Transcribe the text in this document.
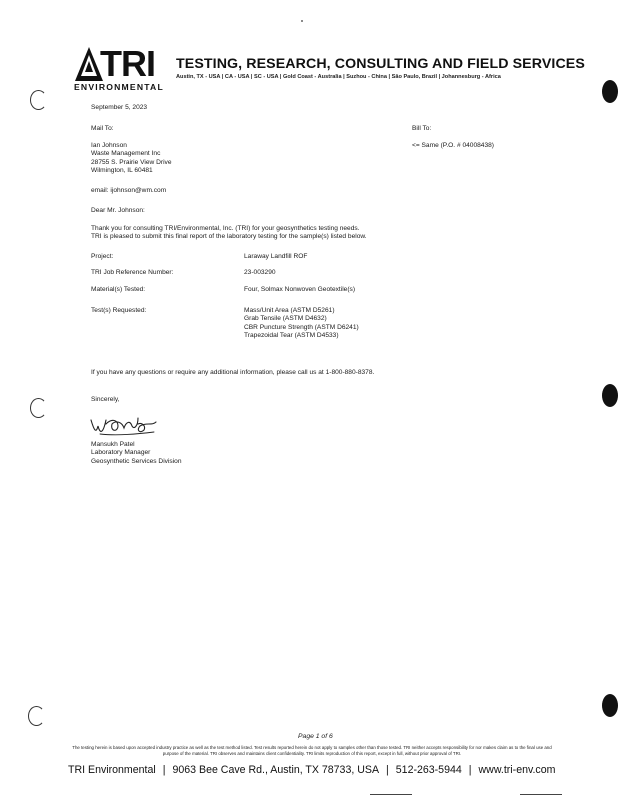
TRI
ENVIRONMENTAL
TESTING, RESEARCH, CONSULTING AND FIELD SERVICES
Austin, TX - USA | CA - USA | SC - USA | Gold Coast - Australia | Suzhou - China | São Paulo, Brazil | Johannesburg - Africa
September 5, 2023
Mail To:	Bill To:
Ian Johnson
Waste Management Inc
28755 S. Prairie View Drive
Wilmington, IL 60481
<= Same (P.O. # 04008438)
email: ijohnson@wm.com
Dear Mr. Johnson:
Thank you for consulting TRI/Environmental, Inc. (TRI) for your geosynthetics testing needs.
TRI is pleased to submit this final report of the laboratory testing for the sample(s) listed below.
Project:	Laraway Landfill ROF
TRI Job Reference Number:	23-003290
Material(s) Tested:	Four, Solmax Nonwoven Geotextile(s)
Test(s) Requested:	Mass/Unit Area (ASTM D5261)
Grab Tensile (ASTM D4632)
CBR Puncture Strength (ASTM D6241)
Trapezoidal Tear (ASTM D4533)
If you have any questions or require any additional information, please call us at 1-800-880-8378.
Sincerely,
Mansukh Patel
Laboratory Manager
Geosynthetic Services Division
Page 1 of 6
The testing herein is based upon accepted industry practice as well as the test method listed. Test results reported herein do not apply to samples other than those tested. TRI neither accepts responsibility for nor makes claim as to the final use and purpose of the material. TRI observes and maintains client confidentiality. TRI limits reproduction of this report, except in full, without prior approval of TRI.
TRI Environmental | 9063 Bee Cave Rd., Austin, TX 78733, USA | 512-263-5944 | www.tri-env.com
